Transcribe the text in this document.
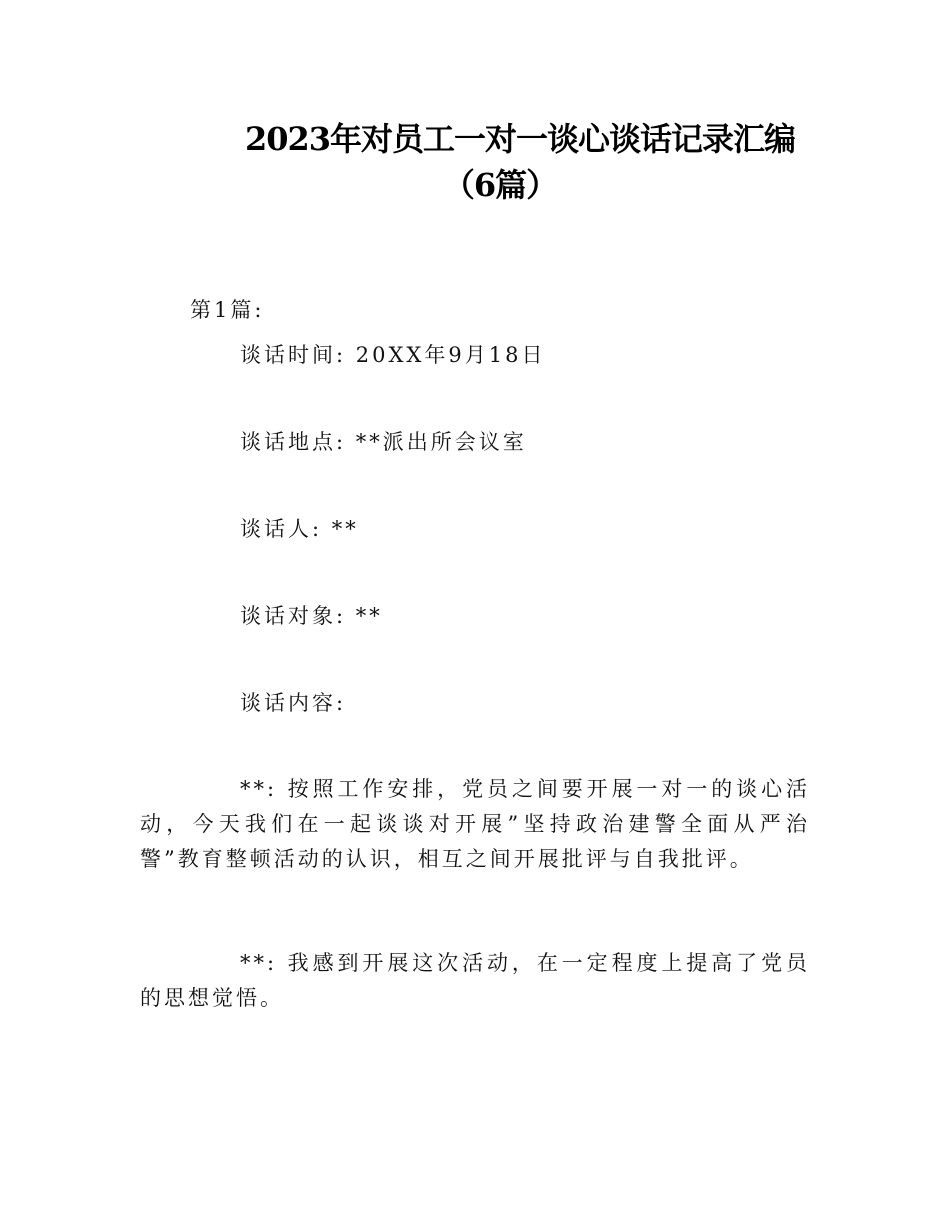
2023年对员工一对一谈心谈话记录汇编
（6篇）
第1篇:
谈话时间: 20XX年9月18日
谈话地点: **派出所会议室
谈话人: **
谈话对象: **
谈话内容:
**: 按照工作安排，党员之间要开展一对一的谈心活动，今天我们在一起谈谈对开展”坚持政治建警全面从严治警”教育整顿活动的认识，相互之间开展批评与自我批评。
**: 我感到开展这次活动，在一定程度上提高了党员的思想觉悟。
